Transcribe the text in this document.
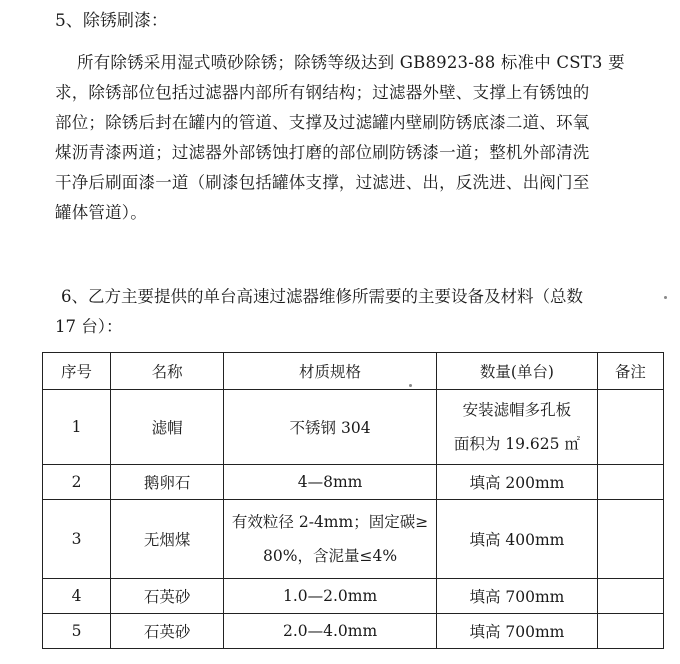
5、除锈刷漆：
所有除锈采用湿式喷砂除锈；除锈等级达到 GB8923-88 标准中 CST3 要
求，除锈部位包括过滤器内部所有钢结构；过滤器外壁、支撑上有锈蚀的
部位；除锈后封在罐内的管道、支撑及过滤罐内壁刷防锈底漆二道、环氧
煤沥青漆两道；过滤器外部锈蚀打磨的部位刷防锈漆一道；整机外部清洗
干净后刷面漆一道（刷漆包括罐体支撑，过滤进、出，反洗进、出阀门至
罐体管道）。
6、乙方主要提供的单台高速过滤器维修所需要的主要设备及材料（总数
17 台）：
序号	名称	材质规格	数量(单台)	备注
1	滤帽	不锈钢 304	安装滤帽多孔板
面积为 19.625 ㎡	

2	鹅卵石	4—8mm	填高 200mm	
3	无烟煤	有效粒径 2-4mm；固定碳≥
80%，含泥量≤4%	填高 400mm	
4	石英砂	1.0—2.0mm	填高 700mm	
5	石英砂	2.0—4.0mm	填高 700mm	
